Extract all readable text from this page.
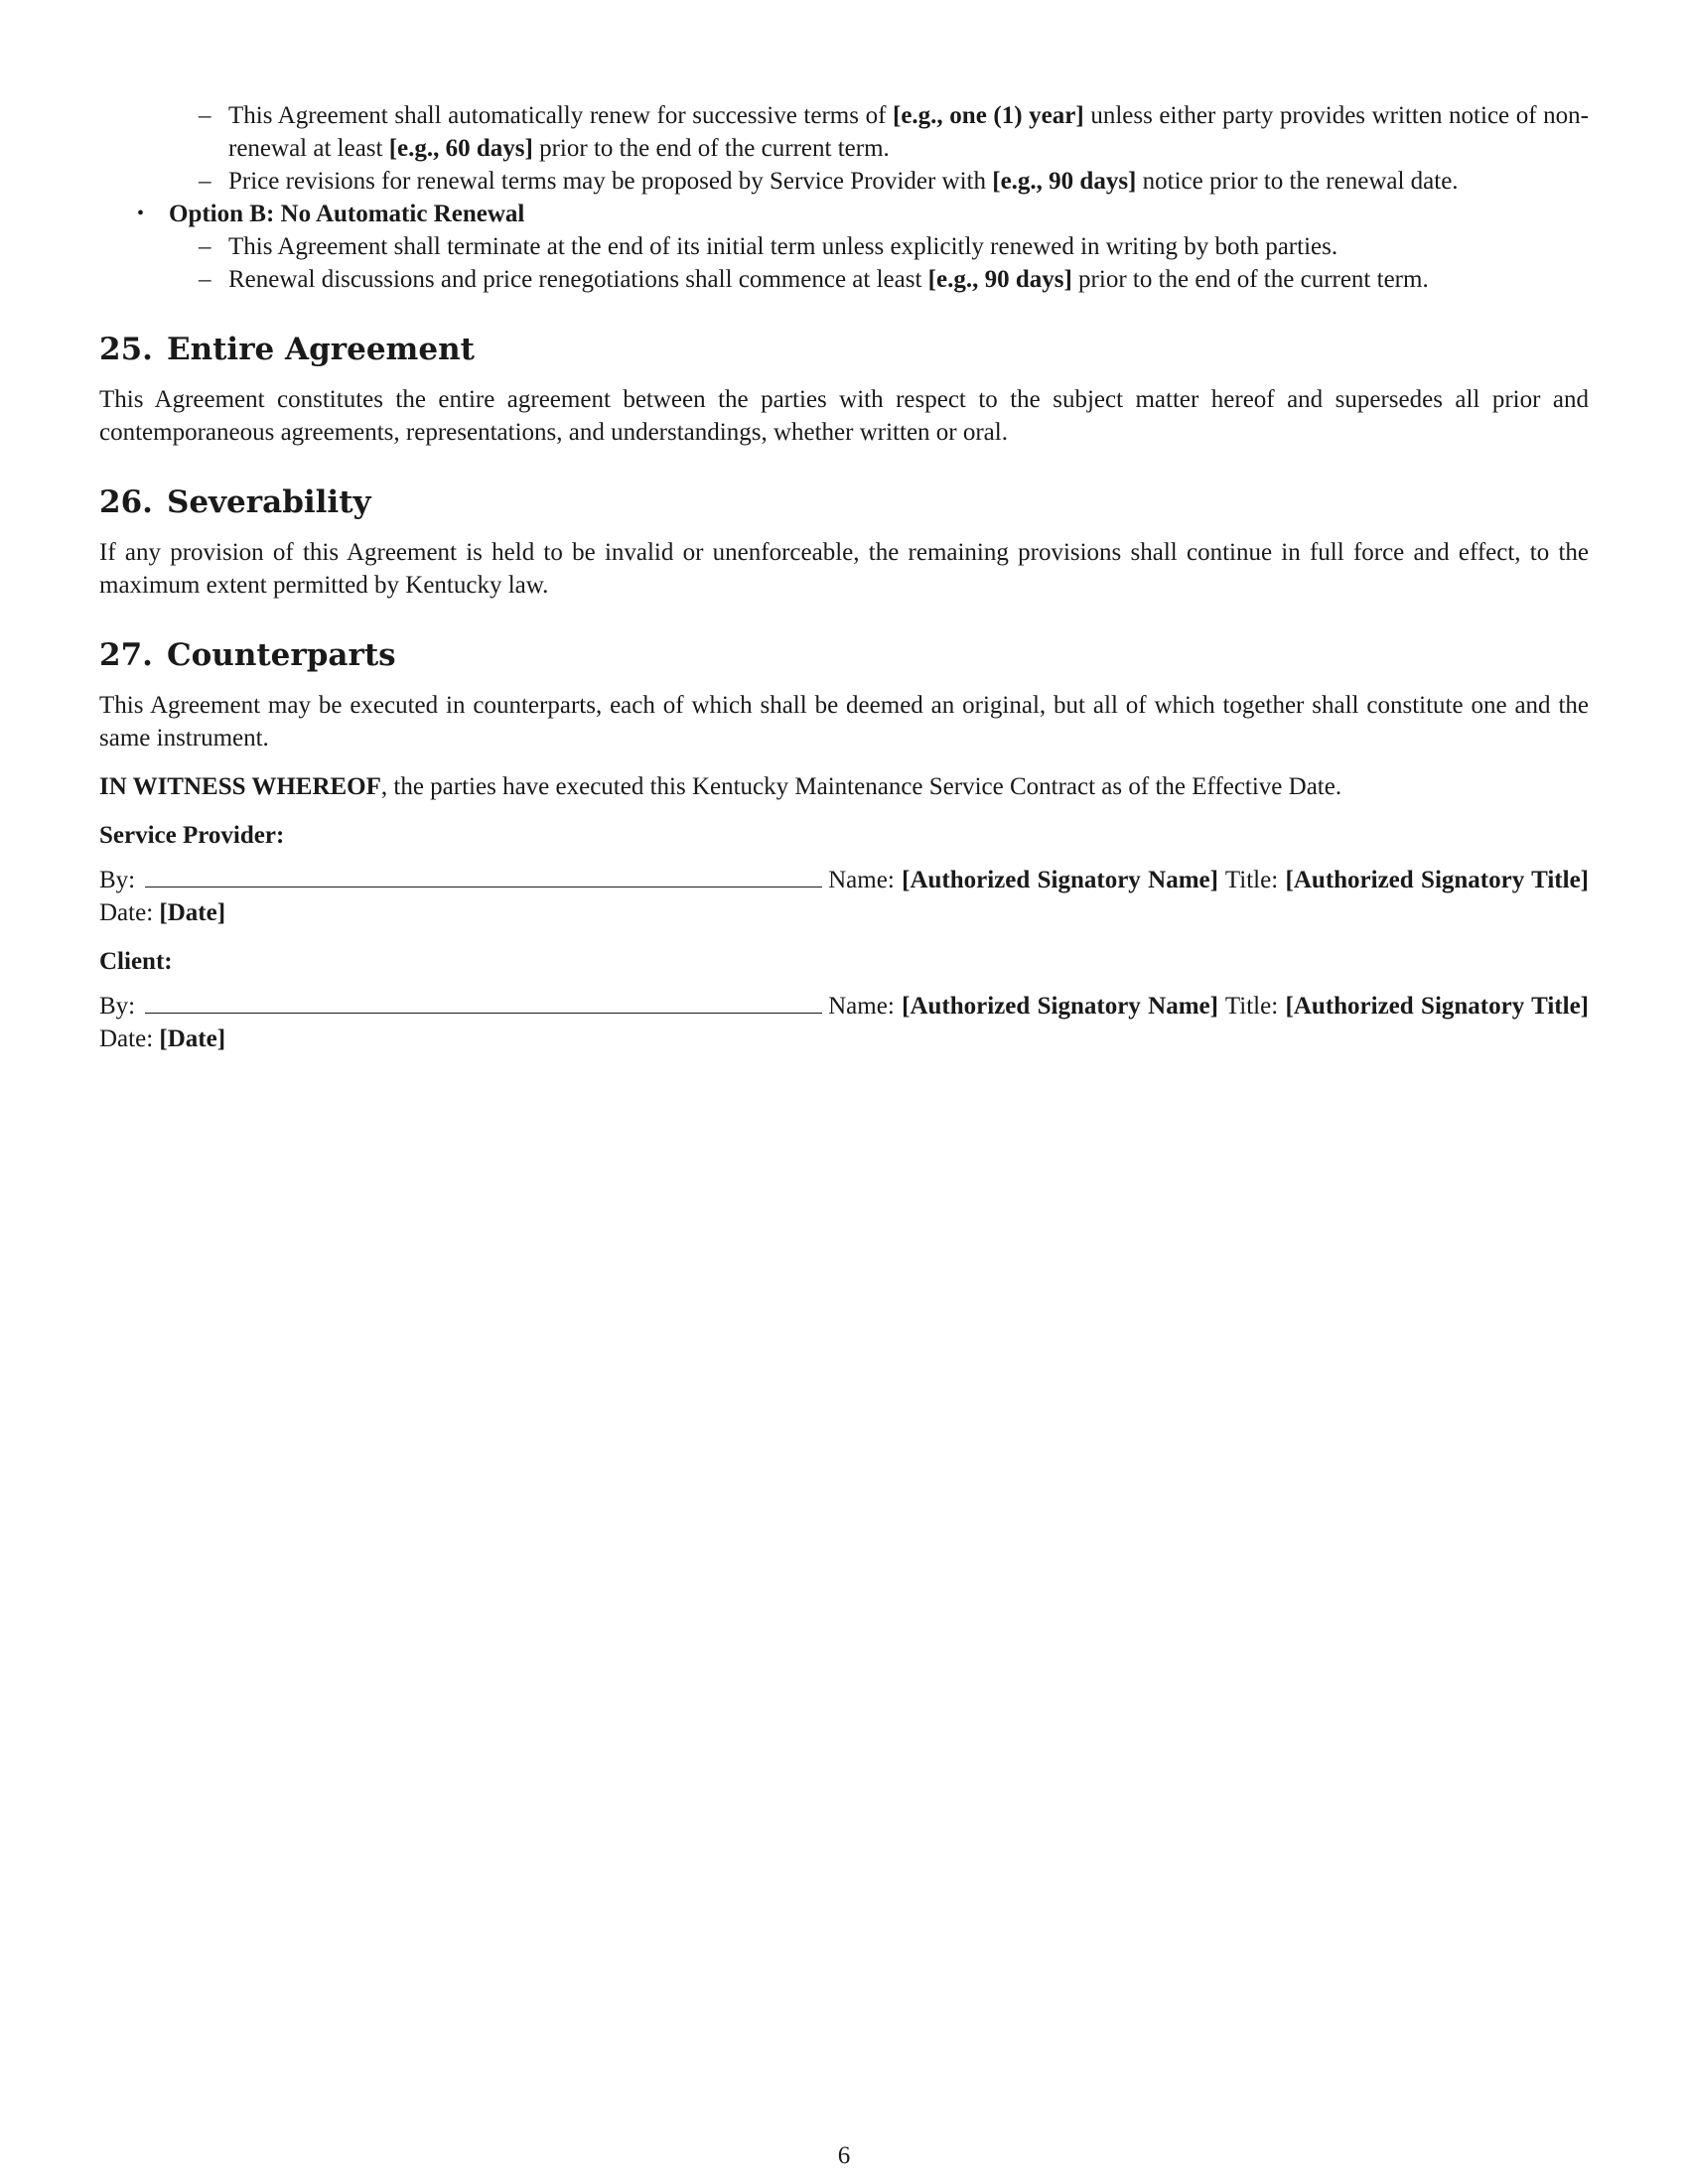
– This Agreement shall automatically renew for successive terms of [e.g., one (1) year] unless either party provides written notice of non-renewal at least [e.g., 60 days] prior to the end of the current term.
– Price revisions for renewal terms may be proposed by Service Provider with [e.g., 90 days] notice prior to the renewal date.
• Option B: No Automatic Renewal
– This Agreement shall terminate at the end of its initial term unless explicitly renewed in writing by both parties.
– Renewal discussions and price renegotiations shall commence at least [e.g., 90 days] prior to the end of the current term.
25. Entire Agreement

This Agreement constitutes the entire agreement between the parties with respect to the subject matter hereof and supersedes all prior and contemporaneous agreements, representations, and understandings, whether written or oral.

26. Severability

If any provision of this Agreement is held to be invalid or unenforceable, the remaining provisions shall continue in full force and effect, to the maximum extent permitted by Kentucky law.

27. Counterparts

This Agreement may be executed in counterparts, each of which shall be deemed an original, but all of which together shall constitute one and the same instrument.

IN WITNESS WHEREOF, the parties have executed this Kentucky Maintenance Service Contract as of the Effective Date.

Service Provider:

By:	Name: [Authorized Signatory Name] Title: [Authorized Signatory Title] Date: [Date]

Client:

By:	Name: [Authorized Signatory Name] Title: [Authorized Signatory Title] Date: [Date]

6
